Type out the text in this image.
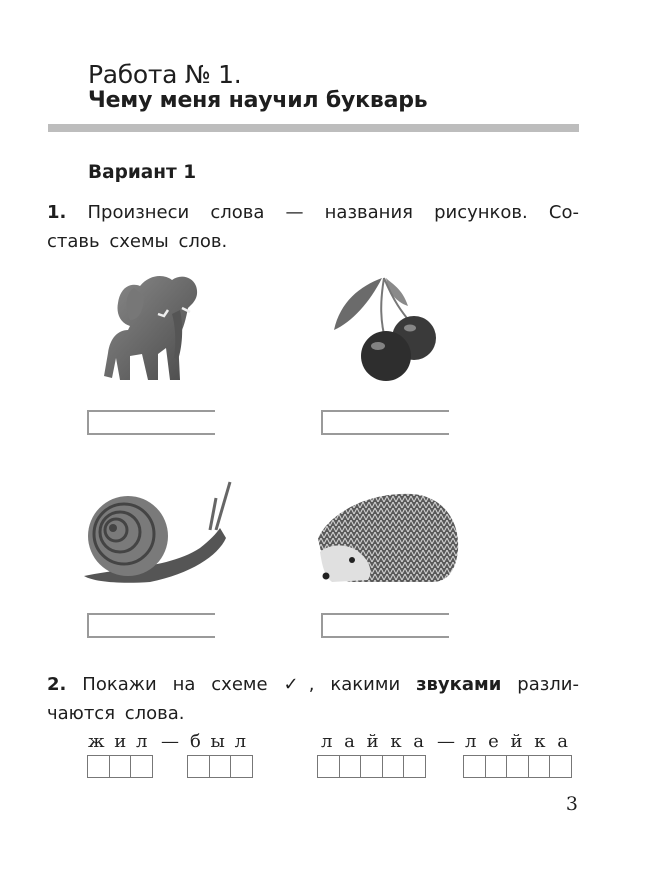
Работа № 1.
Чему меня научил букварь
Вариант 1
1. Произнеси слова — названия рисунков. Со-
ставь схемы слов.
2. Покажи на схеме ✓, какими звуками разли-
чаются слова.
ж и л — б ы л	л а й к а — л е й к а
3
